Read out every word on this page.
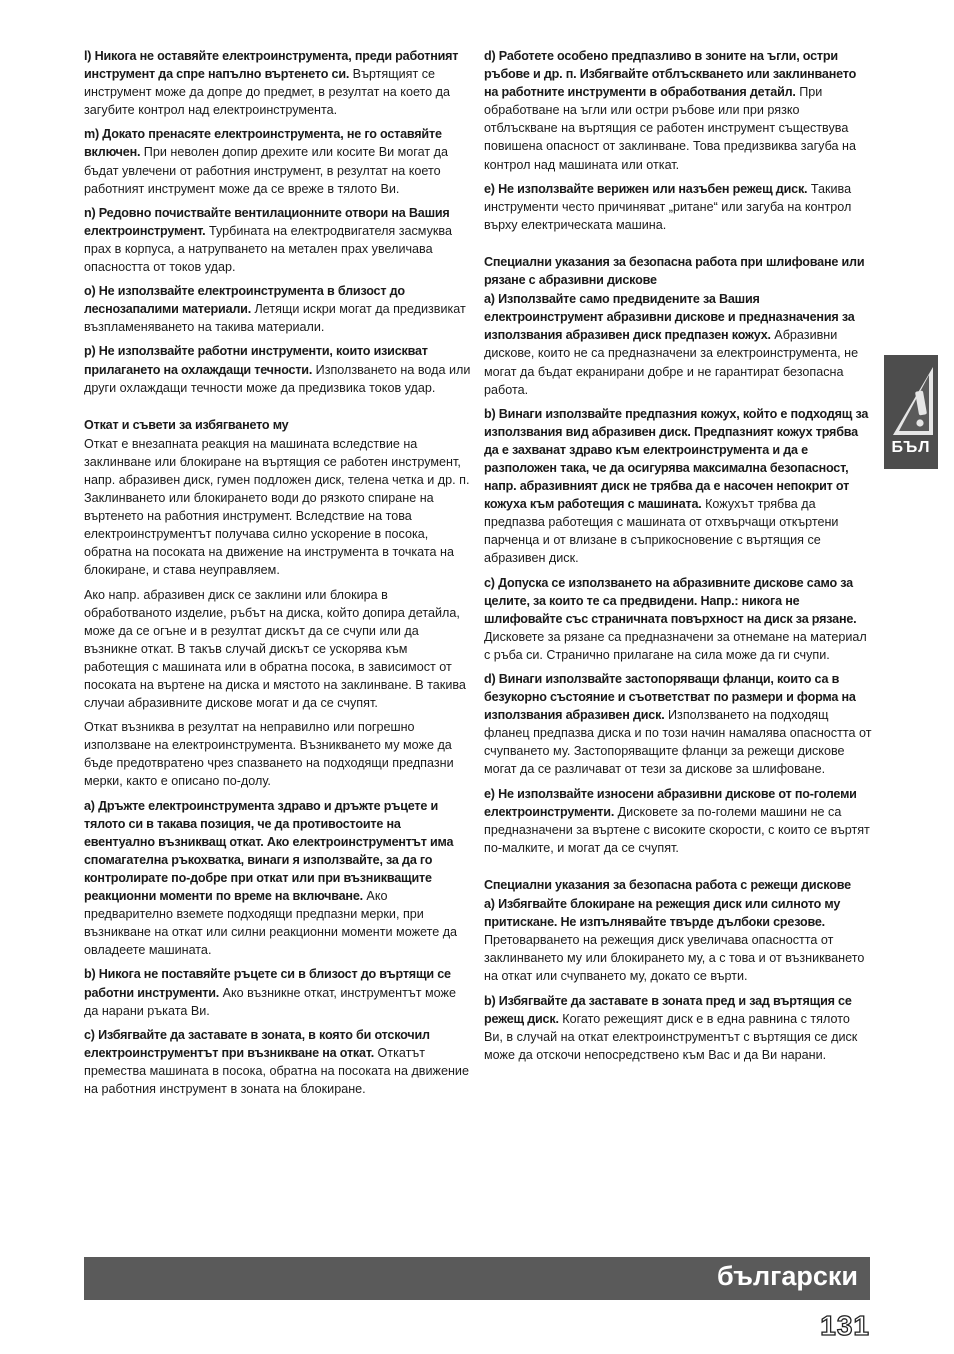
l) Никога не оставяйте електроинструмента, преди работният инструмент да спре напълно въртенето си. Въртящият се инструмент може да допре до предмет, в резултат на което да загубите контрол над електроинструмента.

m) Докато пренасяте електроинструмента, не го оставяйте включен. При неволен допир дрехите или косите Ви могат да бъдат увлечени от работния инструмент, в резултат на което работният инструмент може да се вреже в тялото Ви.

n) Редовно почиствайте вентилационните отвори на Вашия електроинструмент. Турбината на електродвигателя засмуква прах в корпуса, а натрупването на метален прах увеличава опасността от токов удар.

o) Не използвайте електроинструмента в близост до леснозапалими материали. Летящи искри могат да предизвикат възпламеняването на такива материали.

p) Не използвайте работни инструменти, които изискват прилагането на охлаждащи течности. Използването на вода или други охлаждащи течности може да предизвика токов удар.

Откат и съвети за избягването му

Откат е внезапната реакция на машината вследствие на заклинване или блокиране на въртящия се работен инструмент, напр. абразивен диск, гумен подложен диск, телена четка и др. п. Заклинването или блокирането води до рязкото спиране на въртенето на работния инструмент. Вследствие на това електроинструментът получава силно ускорение в посока, обратна на посоката на движение на инструмента в точката на блокиране, и става неуправляем.

Ако напр. абразивен диск се заклини или блокира в обработваното изделие, ръбът на диска, който допира детайла, може да се огъне и в резултат дискът да се счупи или да възникне откат. В такъв случай дискът се ускорява към работещия с машината или в обратна посока, в зависимост от посоката на въртене на диска и мястото на заклинване. В такива случаи абразивните дискове могат и да се счупят.

Откат възниква в резултат на неправилно или погрешно използване на електроинструмента. Възникването му може да бъде предотвратено чрез спазването на подходящи предпазни мерки, както е описано по-долу.

a) Дръжте електроинструмента здраво и дръжте ръцете и тялото си в такава позиция, че да противостоите на евентуално възникващ откат. Ако електроинструментът има спомагателна ръкохватка, винаги я използвайте, за да го контролирате по-добре при откат или при възникващите реакционни моменти по време на включване. Ако предварително вземете подходящи предпазни мерки, при възникване на откат или силни реакционни моменти можете да овладеете машината.

b) Никога не поставяйте ръцете си в близост до въртящи се работни инструменти. Ако възникне откат, инструментът може да нарани ръката Ви.

c) Избягвайте да заставате в зоната, в която би отскочил електроинструментът при възникване на откат. Откатът премества машината в посока, обратна на посоката на движение на работния инструмент в зоната на блокиране.

d) Работете особено предпазливо в зоните на ъгли, остри ръбове и др. п. Избягвайте отблъскването или заклинването на работните инструменти в обработвания детайл. При обработване на ъгли или остри ръбове или при рязко отблъскване на въртящия се работен инструмент съществува повишена опасност от заклинване. Това предизвиква загуба на контрол над машината или откат.

e) Не използвайте верижен или назъбен режещ диск. Такива инструменти често причиняват „ритане“ или загуба на контрол върху електрическата машина.

Специални указания за безопасна работа при шлифоване или рязане с абразивни дискове

a) Използвайте само предвидените за Вашия електроинструмент абразивни дискове и предназначения за използвания абразивен диск предпазен кожух. Абразивни дискове, които не са предназначени за електроинструмента, не могат да бъдат екранирани добре и не гарантират безопасна работа.

b) Винаги използвайте предпазния кожух, който е подходящ за използвания вид абразивен диск. Предпазният кожух трябва да е захванат здраво към електроинструмента и да е разположен така, че да осигурява максимална безопасност, напр. абразивният диск не трябва да е насочен непокрит от кожуха към работещия с машината. Кожухът трябва да предпазва работещия с машината от отхвърчащи откъртени парченца и от влизане в съприкосновение с въртящия се абразивен диск.

c) Допуска се използването на абразивните дискове само за целите, за които те са предвидени. Напр.: никога не шлифовайте със страничната повърхност на диск за рязане. Дисковете за рязане са предназначени за отнемане на материал с ръба си. Странично прилагане на сила може да ги счупи.

d) Винаги използвайте застопоряващи фланци, които са в безукорно състояние и съответстват по размери и форма на използвания абразивен диск. Използването на подходящ фланец предпазва диска и по този начин намалява опасността от счупването му. Застопоряващите фланци за режещи дискове могат да се различават от тези за дискове за шлифоване.

e) Не използвайте износени абразивни дискове от по-големи електроинструменти. Дисковете за по-големи машини не са предназначени за въртене с високите скорости, с които се въртят по-малките, и могат да се счупят.

Специални указания за безопасна работа с режещи дискове

a) Избягвайте блокиране на режещия диск или силното му притискане. Не изпълнявайте твърде дълбоки срезове. Претоварването на режещия диск увеличава опасността от заклинването му или блокирането му, а с това и от възникването на откат или счупването му, докато се върти.

b) Избягвайте да заставате в зоната пред и зад въртящия се режещ диск. Когато режещият диск е в една равнина с тялото Ви, в случай на откат електроинструментът с въртящия се диск може да отскочи непосредствено към Вас и да Ви нарани.

БЪЛ
български
131
